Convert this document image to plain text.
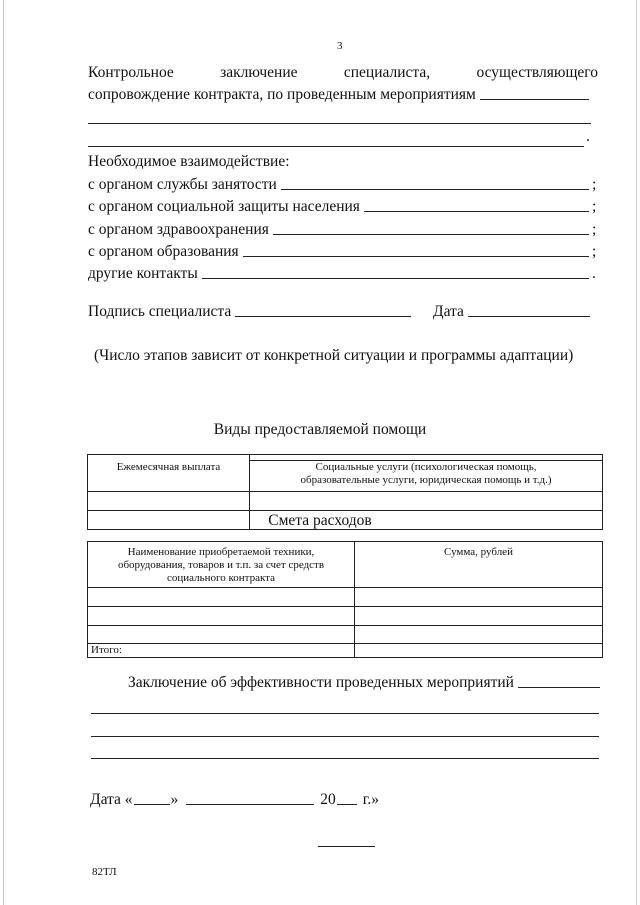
3
Контрольное	заключение	специалиста,	осуществляющего
сопровождение контракта, по проведенным мероприятиям
.
Необходимое взаимодействие:
с органом службы занятости	;
с органом социальной защиты населения	;
с органом здравоохранения	;
с органом образования	;
другие контакты	.
Подпись специалиста	Дата
(Число этапов зависит от конкретной ситуации и программы адаптации)
Виды предоставляемой помощи

Ежемесячная выплата	Социальные услуги (психологическая помощь,
образовательные услуги, юридическая помощь и т.д.)

Смета расходов
Наименование приобретаемой техники,
оборудования, товаров и т.п. за счет средств
социального контракта	Сумма, рублей

Итого:	
Заключение об эффективности проведенных мероприятий
Дата « »	20 г.»
82ТЛ
